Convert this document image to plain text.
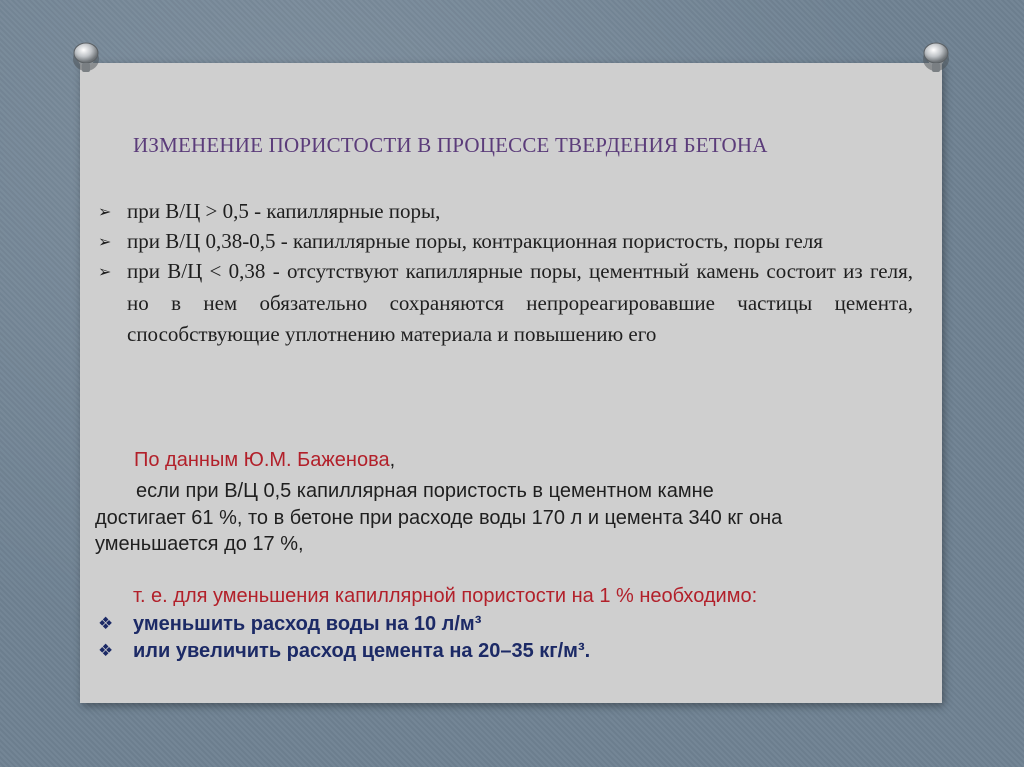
ИЗМЕНЕНИЕ ПОРИСТОСТИ В ПРОЦЕССЕ ТВЕРДЕНИЯ БЕТОНА
➢ при В/Ц > 0,5 - капиллярные поры,
➢ при В/Ц 0,38-0,5 - капиллярные поры, контракционная пористость, поры геля
➢ при В/Ц < 0,38 - отсутствуют капиллярные поры, цементный камень состоит из геля, но в нем обязательно сохраняются непрореагировавшие частицы цемента, способствующие уплотнению материала и повышению его
По данным Ю.М. Баженова,
если при В/Ц 0,5 капиллярная пористость в цементном камне
достигает 61 %, то в бетоне при расходе воды 170 л и цемента 340 кг она
уменьшается до 17 %,
т. е. для уменьшения капиллярной пористости на 1 % необходимо:
❖ уменьшить расход воды на 10 л/м³
❖ или увеличить расход цемента на 20–35 кг/м³.
